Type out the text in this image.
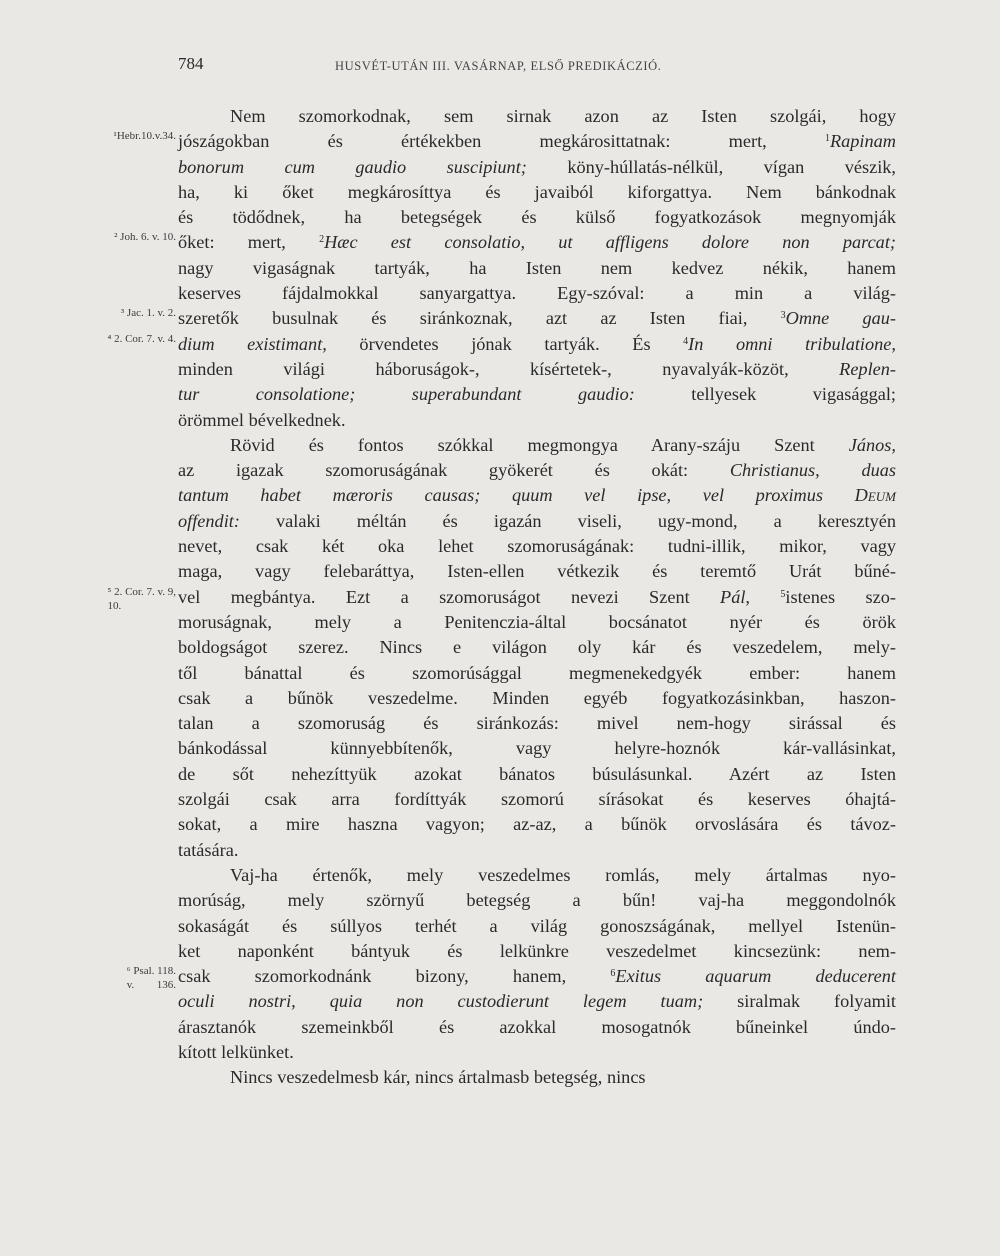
784	HUSVÉT-UTÁN III. VASÁRNAP, ELSŐ PREDIKÁCZIÓ.
Nem szomorkodnak, sem sirnak azon az Isten szolgái, hogy
¹Hebr.10.v.34. jószágokban és értékekben megkárosittatnak: mert, $^1$Rapinam
bonorum cum gaudio suscipiunt; köny-húllatás-nélkül, vígan vészik,
ha, ki őket megkárosíttya és javaiból kiforgattya. Nem bánkodnak
és tödődnek, ha betegségek és külső fogyatkozások megnyomják
² Joh. 6. v. 10. őket: mert, $^2$Hæc est consolatio, ut affligens dolore non parcat;
nagy vigaságnak tartyák, ha Isten nem kedvez nékik, hanem
keserves fájdalmokkal sanyargattya. Egy-szóval: a min a világ-
³ Jac. 1. v. 2. szeretők busulnak és siránkoznak, azt az Isten fiai, $^3$Omne gau-
⁴ 2. Cor. 7. v. 4. dium existimant, örvendetes jónak tartyák. És $^4$In omni tribulatione,
minden világi háboruságok-, kísértetek-, nyavalyák-közöt, Replen-
tur consolatione; superabundant gaudio: tellyesek vigasággal;
örömmel bévelkednek.
Rövid és fontos szókkal megmongya Arany-száju Szent János,
az igazak szomoruságának gyökerét és okát: Christianus, duas
tantum habet mæroris causas; quum vel ipse, vel proximus Deum
offendit: valaki méltán és igazán viseli, ugy-mond, a keresztyén
nevet, csak két oka lehet szomoruságának: tudni-illik, mikor, vagy
maga, vagy felebaráttya, Isten-ellen vétkezik és teremtő Urát bűné-
⁵ 2. Cor. 7. v. 9,
10.	vel megbántya. Ezt a szomoruságot nevezi Szent Pál,	$^5$istenes szo-
moruságnak, mely a Penitenczia-által bocsánatot nyér és örök
boldogságot szerez. Nincs e világon oly kár és veszedelem, mely-
től bánattal és szomorúsággal megmenekedgyék ember: hanem
csak a bűnök veszedelme. Minden egyéb fogyatkozásinkban, haszon-
talan a szomoruság és siránkozás: mivel nem-hogy sirással és
bánkodással künnyebbítenők, vagy helyre-hoznók kár-vallásinkat,
de sőt nehezíttyük azokat bánatos búsulásunkal. Azért az Isten
szolgái csak arra fordíttyák szomorú sírásokat és keserves óhajtá-
sokat, a mire haszna vagyon; az-az, a bűnök orvoslására és távoz-
tatására.
Vaj-ha értenők, mely veszedelmes romlás, mely ártalmas nyo-
morúság, mely szörnyű betegség a bűn! vaj-ha meggondolnók
sokaságát és súllyos terhét a világ gonoszságának, mellyel Istenün-
ket naponként bántyuk és lelkünkre veszedelmet kincsezünk: nem-
⁶ Psal. 118.
v. 136. csak szomorkodnánk bizony, hanem, $^6$Exitus aquarum deducerent
oculi nostri, quia non custodierunt legem tuam; siralmak folyamit
árasztanók szemeinkből és azokkal mosogatnók bűneinkel úndo-
kított lelkünket.
Nincs veszedelmesb kár, nincs ártalmasb betegség, nincs
